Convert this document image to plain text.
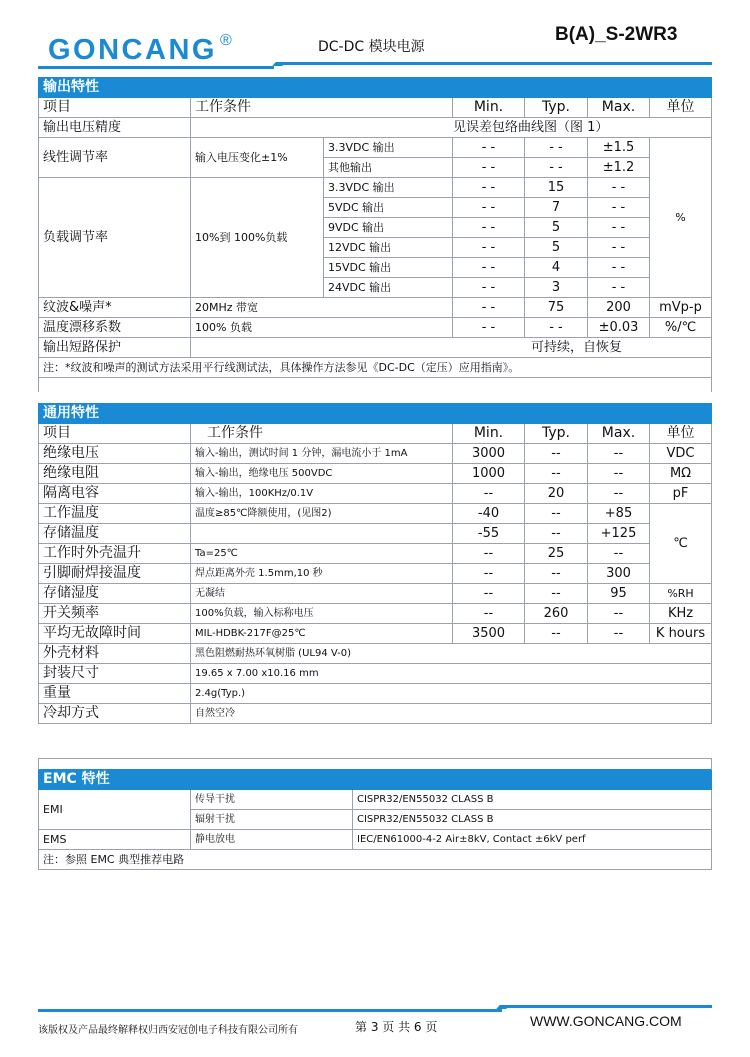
GONCANG ®	DC-DC 模块电源
B(A)_S-2WR3
输出特性						
项目	工作条件		Min.	Typ.	Max.	单位
输出电压精度	见误差包络曲线图（图 1）					
线性调节率	输入电压变化±1%	3.3VDC 输出	- -	- -	±1.5	%
		其他输出	- -	- -	±1.2	
负载调节率	10%到 100%负载	3.3VDC 输出	- -	15	- -	
		5VDC 输出	- -	7	- -	
		9VDC 输出	- -	5	- -	
		12VDC 输出	- -	5	- -	
		15VDC 输出	- -	4	- -	
		24VDC 输出	- -	3	- -	
纹波&噪声*	20MHz 带宽		- -	75	200	mVp-p
温度漂移系数	100% 负载		- -	- -	±0.03	%/℃
输出短路保护	可持续，自恢复					
注：*纹波和噪声的测试方法采用平行线测试法，具体操作方法参见《DC-DC（定压）应用指南》。						

通用特性					
项目	工作条件	Min.	Typ.	Max.	单位
绝缘电压	输入-输出，测试时间 1 分钟，漏电流小于 1mA	3000	--	--	VDC
绝缘电阻	输入-输出，绝缘电压 500VDC	1000	--	--	MΩ
隔离电容	输入-输出，100KHz/0.1V	--	20	--	pF
工作温度	温度≥85℃降额使用，(见图2)	-40	--	+85	℃
存储温度		-55	--	+125	
工作时外壳温升	Ta=25℃	--	25	--	
引脚耐焊接温度	焊点距离外壳 1.5mm,10 秒	--	--	300	
存储湿度	无凝结	--	--	95	%RH
开关频率	100%负载，输入标称电压	--	260	--	KHz
平均无故障时间	MIL-HDBK-217F@25℃	3500	--	--	K hours
外壳材料	黑色阻燃耐热环氧树脂 (UL94 V-0)				
封装尺寸	19.65 x 7.00 x10.16 mm				
重量	2.4g(Typ.)				
冷却方式	自然空冷				

EMC 特性		
EMI	传导干扰	CISPR32/EN55032 CLASS B
	辐射干扰	CISPR32/EN55032 CLASS B
EMS	静电放电	IEC/EN61000-4-2 Air±8kV, Contact ±6kV perf
注：参照 EMC 典型推荐电路		
该版权及产品最终解释权归西安冠创电子科技有限公司所有	第 3 页 共 6 页	WWW.GONCANG.COM
